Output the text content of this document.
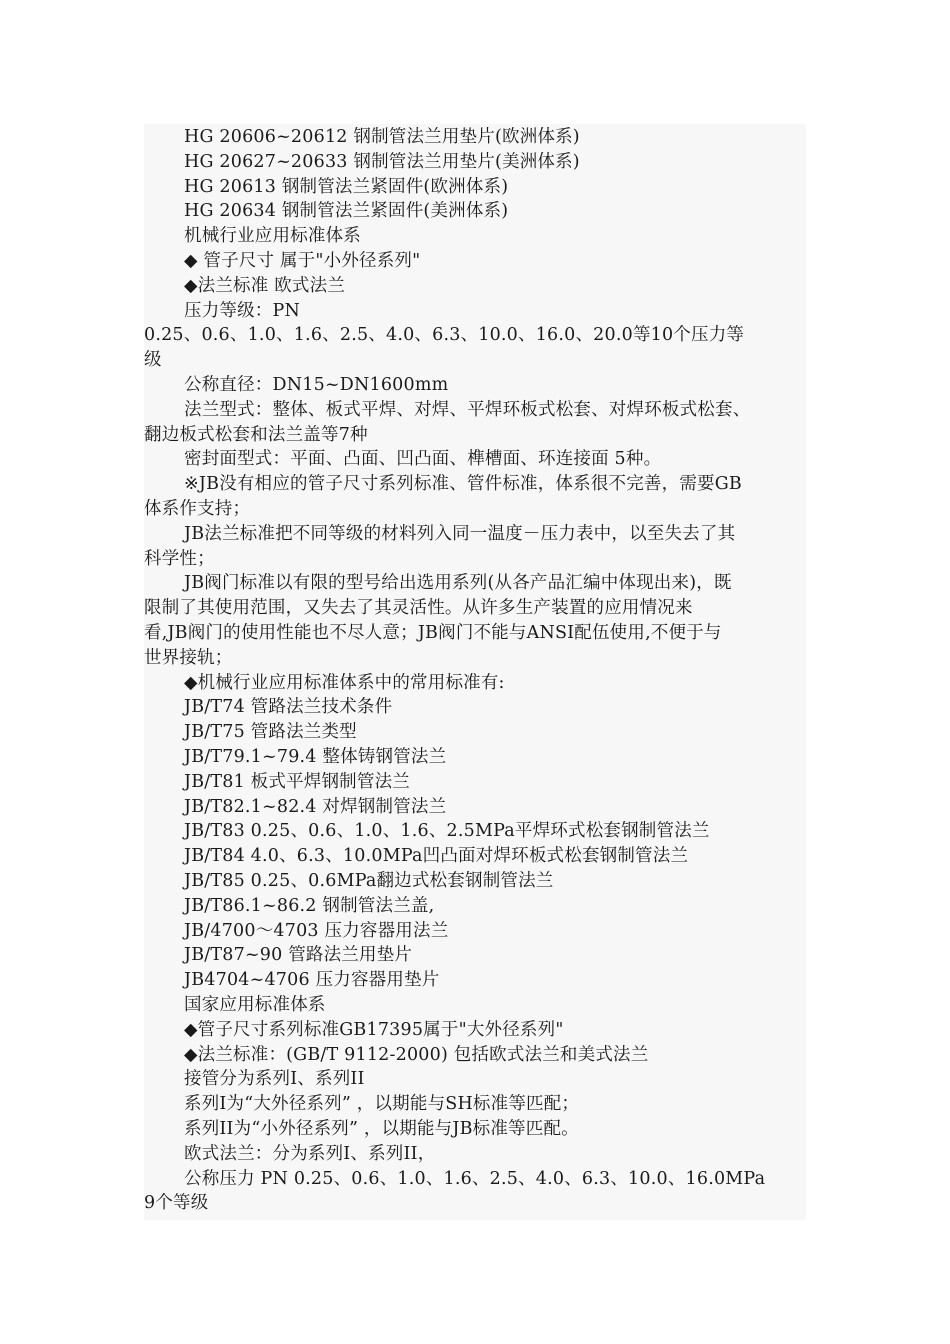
HG 20606~20612 钢制管法兰用垫片(欧洲体系)
HG 20627~20633 钢制管法兰用垫片(美洲体系)
HG 20613 钢制管法兰紧固件(欧洲体系)
HG 20634 钢制管法兰紧固件(美洲体系)
机械行业应用标准体系
◆ 管子尺寸 属于"小外径系列"
◆法兰标准 欧式法兰
压力等级：PN
0.25、0.6、1.0、1.6、2.5、4.0、6.3、10.0、16.0、20.0等10个压力等
级
公称直径：DN15~DN1600mm
法兰型式：整体、板式平焊、对焊、平焊环板式松套、对焊环板式松套、
翻边板式松套和法兰盖等7种
密封面型式：平面、凸面、凹凸面、榫槽面、环连接面 5种。
※JB没有相应的管子尺寸系列标准、管件标准，体系很不完善，需要GB
体系作支持；
JB法兰标准把不同等级的材料列入同一温度－压力表中，以至失去了其
科学性；
JB阀门标准以有限的型号给出选用系列(从各产品汇编中体现出来)，既
限制了其使用范围，又失去了其灵活性。从许多生产装置的应用情况来
看,JB阀门的使用性能也不尽人意；JB阀门不能与ANSI配伍使用,不便于与
世界接轨；
◆机械行业应用标准体系中的常用标准有:
JB/T74 管路法兰技术条件
JB/T75 管路法兰类型
JB/T79.1~79.4 整体铸钢管法兰
JB/T81 板式平焊钢制管法兰
JB/T82.1~82.4 对焊钢制管法兰
JB/T83 0.25、0.6、1.0、1.6、2.5MPa平焊环式松套钢制管法兰
JB/T84 4.0、6.3、10.0MPa凹凸面对焊环板式松套钢制管法兰
JB/T85 0.25、0.6MPa翻边式松套钢制管法兰
JB/T86.1~86.2 钢制管法兰盖,
JB/4700～4703 压力容器用法兰
JB/T87~90 管路法兰用垫片
JB4704~4706 压力容器用垫片
国家应用标准体系
◆管子尺寸系列标准GB17395属于"大外径系列"
◆法兰标准：(GB/T 9112-2000) 包括欧式法兰和美式法兰
接管分为系列I、系列II
系列I为“大外径系列” ，以期能与SH标准等匹配；
系列II为“小外径系列” ，以期能与JB标准等匹配。
欧式法兰：分为系列I、系列II，
公称压力 PN 0.25、0.6、1.0、1.6、2.5、4.0、6.3、10.0、16.0MPa
9个等级
